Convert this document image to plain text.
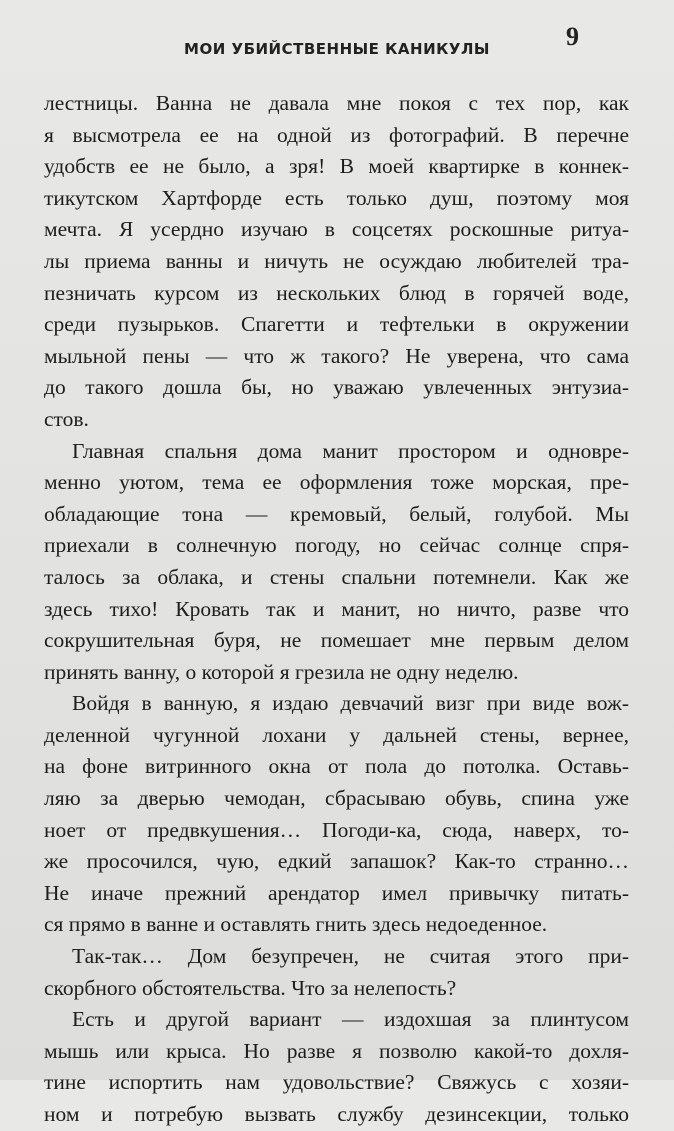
МОИ УБИЙСТВЕННЫЕ КАНИКУЛЫ	9
лестницы. Ванна не давала мне покоя с тех пор, как
я высмотрела ее на одной из фотографий. В перечне
удобств ее не было, а зря! В моей квартирке в коннек-
тикутском Хартфорде есть только душ, поэтому моя
мечта. Я усердно изучаю в соцсетях роскошные ритуа-
лы приема ванны и ничуть не осуждаю любителей тра-
пезничать курсом из нескольких блюд в горячей воде,
среди пузырьков. Спагетти и тефтельки в окружении
мыльной пены — что ж такого? Не уверена, что сама
до такого дошла бы, но уважаю увлеченных энтузиа-
стов.
Главная спальня дома манит простором и одновре-
менно уютом, тема ее оформления тоже морская, пре-
обладающие тона — кремовый, белый, голубой. Мы
приехали в солнечную погоду, но сейчас солнце спря-
талось за облака, и стены спальни потемнели. Как же
здесь тихо! Кровать так и манит, но ничто, разве что
сокрушительная буря, не помешает мне первым делом
принять ванну, о которой я грезила не одну неделю.
Войдя в ванную, я издаю девчачий визг при виде вож-
деленной чугунной лохани у дальней стены, вернее,
на фоне витринного окна от пола до потолка. Оставь-
ляю за дверью чемодан, сбрасываю обувь, спина уже
ноет от предвкушения… Погоди-ка, сюда, наверх, то-
же просочился, чую, едкий запашок? Как-то странно…
Не иначе прежний арендатор имел привычку питать-
ся прямо в ванне и оставлять гнить здесь недоеденное.
Так-так… Дом безупречен, не считая этого при-
скорбного обстоятельства. Что за нелепость?
Есть и другой вариант — издохшая за плинтусом
мышь или крыса. Но разве я позволю какой-то дохля-
тине испортить нам удовольствие? Свяжусь с хозяи-
ном и потребую вызвать службу дезинсекции, только
